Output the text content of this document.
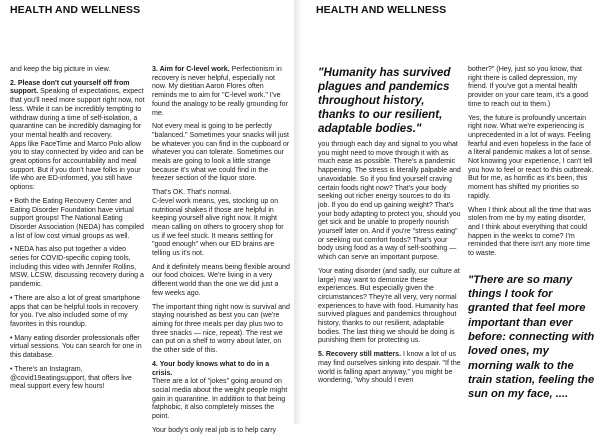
HEALTH AND WELLNESS

and keep the big picture in view.

2. Please don't cut yourself off from support. Speaking of expectations, expect that you'll need more support right now, not less. While it can be incredibly tempting to withdraw during a time of self-isolation, a quarantine can be incredibly damaging for your mental health and recovery.
Apps like FaceTime and Marco Polo allow you to stay connected by video and can be great options for accountability and meal support. But if you don't have folks in your life who are ED-informed, you still have options:

• Both the Eating Recovery Center and Eating Disorder Foundation have virtual support groups! The National Eating Disorder Association (NEDA) has compiled a list of low cost virtual groups as well.

• NEDA has also put together a video series for COVID-specific coping tools, including this video with Jennifer Rollins, MSW, LCSW, discussing recovery during a pandemic.

• There are also a lot of great smartphone apps that can be helpful tools in recovery for you. I've also included some of my favorites in this roundup.

• Many eating disorder professionals offer virtual sessions. You can search for one in this database.

• There's an Instagram, @covid19eatingsupport, that offers live meal support every few hours!

3. Aim for C-level work. Perfectionism in recovery is never helpful, especially not now. My dietitian Aaron Flores often reminds me to aim for "C-level work." I've found the analogy to be really grounding for me.

Not every meal is going to be perfectly "balanced." Sometimes your snacks will just be whatever you can find in the cupboard or whatever you can tolerate. Sometimes our meals are going to look a little strange because it's what we could find in the freezer section of the liquor store.

That's OK. That's normal.
C-level work means, yes, stocking up on nutritional shakes if those are helpful in keeping yourself alive right now. It might mean calling on others to grocery shop for us if we feel stuck. It means settling for "good enough" when our ED brains are telling us it's not.

And it definitely means being flexible around our food choices. We're living in a very different world than the one we did just a few weeks ago.

The important thing right now is survival and staying nourished as best you can (we're aiming for three meals per day plus two to three snacks — nice, repeat). The rest we can put on a shelf to worry about later, on the other side of this.

4. Your body knows what to do in a crisis.

There are a lot of "jokes" going around on social media about the weight people might gain in quarantine. In addition to that being fatphobic, it also completely misses the point.

Your body's only real job is to help carry

HEALTH AND WELLNESS

"Humanity has survived plagues and pandemics throughout history, thanks to our resilient, adaptable bodies."

you through each day and signal to you what you might need to move through it with as much ease as possible. There's a pandemic happening. The stress is literally palpable and unavoidable. So if you find yourself craving certain foods right now? That's your body seeking out richer energy sources to do its job. If you do end up gaining weight? That's your body adapting to protect you, should you get sick and be unable to properly nourish yourself later on. And if you're "stress eating" or seeking out comfort foods? That's your body using food as a way of self-soothing — which can serve an important purpose.

Your eating disorder (and sadly, our culture at large) may want to demonize these experiences. But especially given the circumstances? They're all very, very normal experiences to have with food. Humanity has survived plagues and pandemics throughout history, thanks to our resilient, adaptable bodies. The last thing we should be doing is punishing them for protecting us.

5. Recovery still matters. I know a lot of us may find ourselves sinking into despair. "If the world is falling apart anyway," you might be wondering, "why should I even

bother?" (Hey, just so you know, that right there is called depression, my friend. If you've got a mental health provider on your care team, it's a good time to reach out to them.)

Yes, the future is profoundly uncertain right now. What we're experiencing is unprecedented in a lot of ways. Feeling fearful and even hopeless in the face of a literal pandemic makes a lot of sense. Not knowing your experience, I can't tell you how to feel or react to this outbreak. But for me, as horrific as it's been, this moment has shifted my priorities so rapidly.

When I think about all the time that was stolen from me by my eating disorder, and I think about everything that could happen in the weeks to come? I'm reminded that there isn't any more time to waste.

"There are so many things I took for granted that feel more important than ever before: connecting with loved ones, my morning walk to the train station, feeling the sun on my face, ....
